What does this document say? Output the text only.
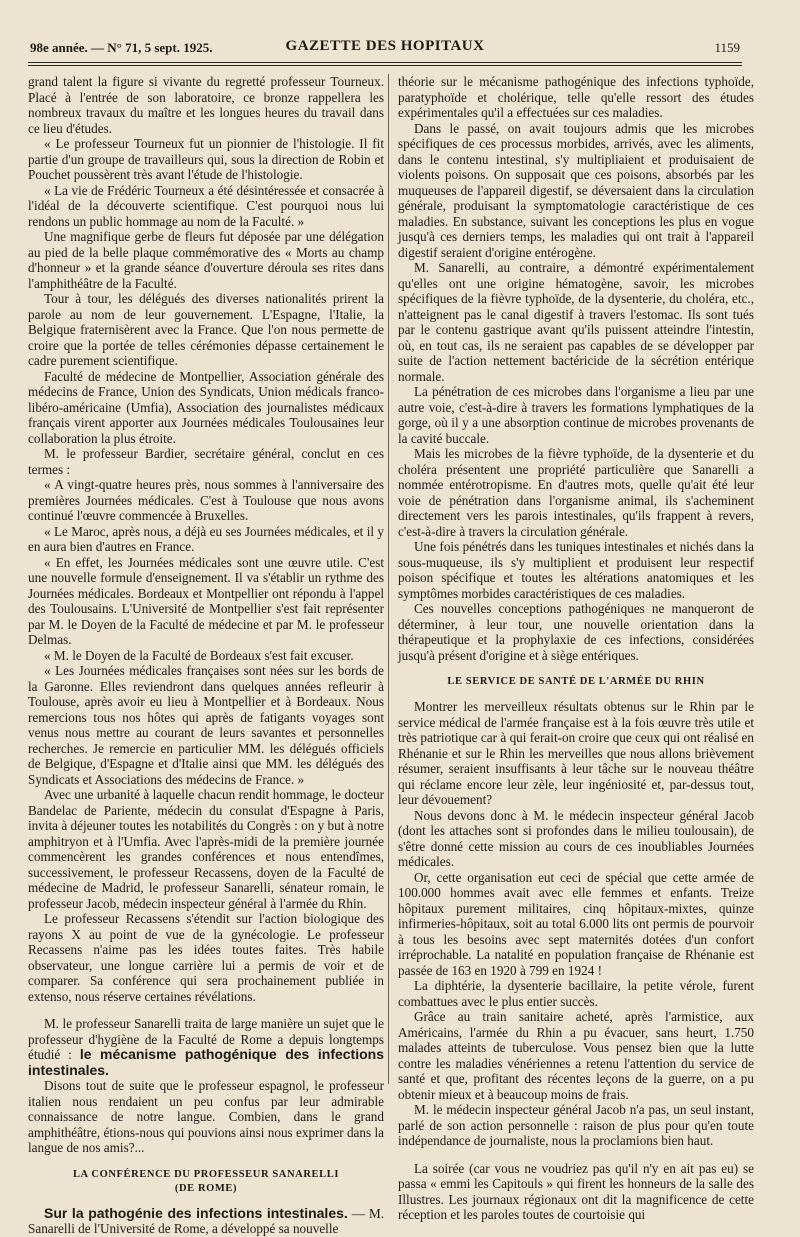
98e année. — N° 71, 5 sept. 1925.	GAZETTE DES HOPITAUX	1159

grand talent la figure si vivante du regretté professeur Tourneux. Placé à l'entrée de son laboratoire, ce bronze rappellera les nombreux travaux du maître et les longues heures du travail dans ce lieu d'études.

« Le professeur Tourneux fut un pionnier de l'histologie. Il fit partie d'un groupe de travailleurs qui, sous la direction de Robin et Pouchet poussèrent très avant l'étude de l'histologie.

« La vie de Frédéric Tourneux a été désintéressée et consacrée à l'idéal de la découverte scientifique. C'est pourquoi nous lui rendons un public hommage au nom de la Faculté. »

Une magnifique gerbe de fleurs fut déposée par une délégation au pied de la belle plaque commémorative des « Morts au champ d'honneur » et la grande séance d'ouverture déroula ses rites dans l'amphithéâtre de la Faculté.

Tour à tour, les délégués des diverses nationalités prirent la parole au nom de leur gouvernement. L'Espagne, l'Italie, la Belgique fraternisèrent avec la France. Que l'on nous permette de croire que la portée de telles cérémonies dépasse certainement le cadre purement scientifique.

Faculté de médecine de Montpellier, Association générale des médecins de France, Union des Syndicats, Union médicals franco-libéro-américaine (Umfia), Association des journalistes médicaux français virent apporter aux Journées médicales Toulousaines leur collaboration la plus étroite.

M. le professeur Bardier, secrétaire général, conclut en ces termes :

« A vingt-quatre heures près, nous sommes à l'anniversaire des premières Journées médicales. C'est à Toulouse que nous avons continué l'œuvre commencée à Bruxelles.

« Le Maroc, après nous, a déjà eu ses Journées médicales, et il y en aura bien d'autres en France.

« En effet, les Journées médicales sont une œuvre utile. C'est une nouvelle formule d'enseignement. Il va s'établir un rythme des Journées médicales. Bordeaux et Montpellier ont répondu à l'appel des Toulousains. L'Université de Montpellier s'est fait représenter par M. le Doyen de la Faculté de médecine et par M. le professeur Delmas.

« M. le Doyen de la Faculté de Bordeaux s'est fait excuser.

« Les Journées médicales françaises sont nées sur les bords de la Garonne. Elles reviendront dans quelques années refleurir à Toulouse, après avoir eu lieu à Montpellier et à Bordeaux. Nous remercions tous nos hôtes qui après de fatigants voyages sont venus nous mettre au courant de leurs savantes et personnelles recherches. Je remercie en particulier MM. les délégués officiels de Belgique, d'Espagne et d'Italie ainsi que MM. les délégués des Syndicats et Associations des médecins de France. »

Avec une urbanité à laquelle chacun rendit hommage, le docteur Bandelac de Pariente, médecin du consulat d'Espagne à Paris, invita à déjeuner toutes les notabilités du Congrès : on y but à notre amphitryon et à l'Umfia. Avec l'après-midi de la première journée commencèrent les grandes conférences et nous entendîmes, successivement, le professeur Recassens, doyen de la Faculté de médecine de Madrid, le professeur Sanarelli, sénateur romain, le professeur Jacob, médecin inspecteur général à l'armée du Rhin.

Le professeur Recassens s'étendit sur l'action biologique des rayons X au point de vue de la gynécologie. Le professeur Recassens n'aime pas les idées toutes faites. Très habile observateur, une longue carrière lui a permis de voir et de comparer. Sa conférence qui sera prochainement publiée in extenso, nous réserve certaines révélations.

M. le professeur Sanarelli traita de large manière un sujet que le professeur d'hygiène de la Faculté de Rome a depuis longtemps étudié : le mécanisme pathogénique des infections intestinales.

Disons tout de suite que le professeur espagnol, le professeur italien nous rendaient un peu confus par leur admirable connaissance de notre langue. Combien, dans le grand amphithéâtre, étions-nous qui pouvions ainsi nous exprimer dans la langue de nos amis?...

LA CONFÉRENCE DU PROFESSEUR SANARELLI
(DE ROME)

Sur la pathogénie des infections intestinales. — M. Sanarelli de l'Université de Rome, a développé sa nouvelle

théorie sur le mécanisme pathogénique des infections typhoïde, paratyphoïde et cholérique, telle qu'elle ressort des études expérimentales qu'il a effectuées sur ces maladies.

Dans le passé, on avait toujours admis que les microbes spécifiques de ces processus morbides, arrivés, avec les aliments, dans le contenu intestinal, s'y multipliaient et produisaient de violents poisons. On supposait que ces poisons, absorbés par les muqueuses de l'appareil digestif, se déversaient dans la circulation générale, produisant la symptomatologie caractéristique de ces maladies. En substance, suivant les conceptions les plus en vogue jusqu'à ces derniers temps, les maladies qui ont trait à l'appareil digestif seraient d'origine entérogène.

M. Sanarelli, au contraire, a démontré expérimentalement qu'elles ont une origine hématogène, savoir, les microbes spécifiques de la fièvre typhoïde, de la dysenterie, du choléra, etc., n'atteignent pas le canal digestif à travers l'estomac. Ils sont tués par le contenu gastrique avant qu'ils puissent atteindre l'intestin, où, en tout cas, ils ne seraient pas capables de se développer par suite de l'action nettement bactéricide de la sécrétion entérique normale.

La pénétration de ces microbes dans l'organisme a lieu par une autre voie, c'est-à-dire à travers les formations lymphatiques de la gorge, où il y a une absorption continue de microbes provenants de la cavité buccale.

Mais les microbes de la fièvre typhoïde, de la dysenterie et du choléra présentent une propriété particulière que Sanarelli a nommée entérotropisme. En d'autres mots, quelle qu'ait été leur voie de pénétration dans l'organisme animal, ils s'acheminent directement vers les parois intestinales, qu'ils frappent à revers, c'est-à-dire à travers la circulation générale.

Une fois pénétrés dans les tuniques intestinales et nichés dans la sous-muqueuse, ils s'y multiplient et produisent leur respectif poison spécifique et toutes les altérations anatomiques et les symptômes morbides caractéristiques de ces maladies.

Ces nouvelles conceptions pathogéniques ne manqueront de déterminer, à leur tour, une nouvelle orientation dans la thérapeutique et la prophylaxie de ces infections, considérées jusqu'à présent d'origine et à siège entériques.

LE SERVICE DE SANTÉ DE L'ARMÉE DU RHIN

Montrer les merveilleux résultats obtenus sur le Rhin par le service médical de l'armée française est à la fois œuvre très utile et très patriotique car à qui ferait-on croire que ceux qui ont réalisé en Rhénanie et sur le Rhin les merveilles que nous allons brièvement résumer, seraient insuffisants à leur tâche sur le nouveau théâtre qui réclame encore leur zèle, leur ingéniosité et, par-dessus tout, leur dévouement?

Nous devons donc à M. le médecin inspecteur général Jacob (dont les attaches sont si profondes dans le milieu toulousain), de s'être donné cette mission au cours de ces inoubliables Journées médicales.

Or, cette organisation eut ceci de spécial que cette armée de 100.000 hommes avait avec elle femmes et enfants. Treize hôpitaux purement militaires, cinq hôpitaux-mixtes, quinze infirmeries-hôpitaux, soit au total 6.000 lits ont permis de pourvoir à tous les besoins avec sept maternités dotées d'un confort irréprochable. La natalité en population française de Rhénanie est passée de 163 en 1920 à 799 en 1924 !

La diphtérie, la dysenterie bacillaire, la petite vérole, furent combattues avec le plus entier succès.

Grâce au train sanitaire acheté, après l'armistice, aux Américains, l'armée du Rhin a pu évacuer, sans heurt, 1.750 malades atteints de tuberculose. Vous pensez bien que la lutte contre les maladies vénériennes a retenu l'attention du service de santé et que, profitant des récentes leçons de la guerre, on a pu obtenir mieux et à beaucoup moins de frais.

M. le médecin inspecteur général Jacob n'a pas, un seul instant, parlé de son action personnelle : raison de plus pour qu'en toute indépendance de journaliste, nous la proclamions bien haut.

La soirée (car vous ne voudriez pas qu'il n'y en ait pas eu) se passa « emmi les Capitouls » qui firent les honneurs de la salle des Illustres. Les journaux régionaux ont dit la magnificence de cette réception et les paroles toutes de courtoisie qui
